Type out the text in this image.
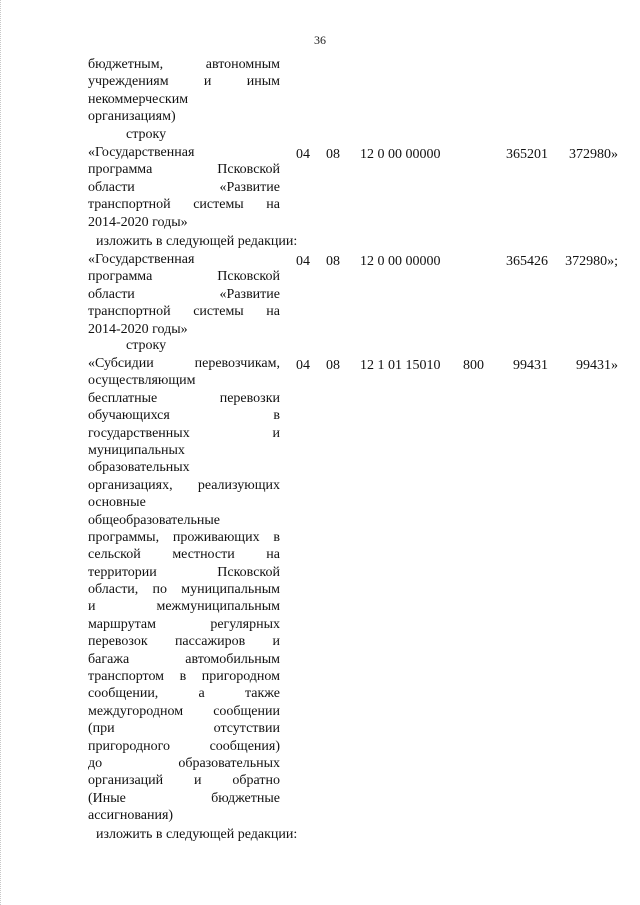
36
бюджетным, автономным
учреждениям и иным
некоммерческим
организациям)
строку
«Государственная
программа Псковской
области «Развитие
транспортной системы на
2014-2020 годы»
04 08 12 0 00 00000	365201 372980»
изложить в следующей редакции:
«Государственная
программа Псковской
области «Развитие
транспортной системы на
2014-2020 годы»
04 08 12 0 00 00000	365426 372980»;
строку
«Субсидии перевозчикам,
осуществляющим
бесплатные перевозки
обучающихся в
государственных и
муниципальных
образовательных
организациях, реализующих
основные
общеобразовательные
программы, проживающих в
сельской местности на
территории Псковской
области, по муниципальным
и межмуниципальным
маршрутам регулярных
перевозок пассажиров и
багажа автомобильным
транспортом в пригородном
сообщении, а также
междугородном сообщении
(при отсутствии
пригородного сообщения)
до образовательных
организаций и обратно
(Иные бюджетные
ассигнования)
04 08 12 1 01 15010 800 99431 99431»
изложить в следующей редакции:
